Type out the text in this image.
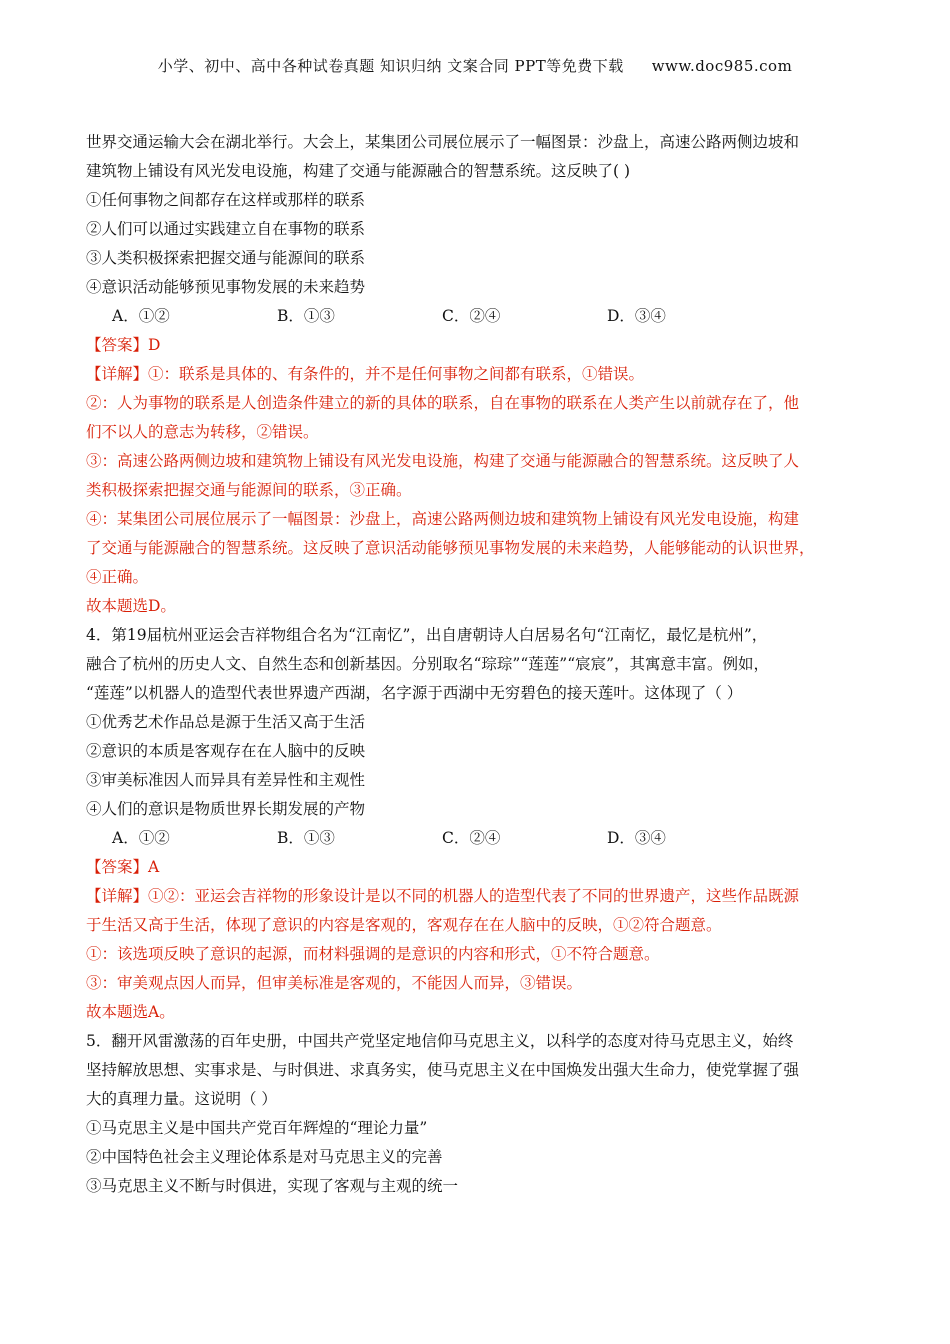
小学、初中、高中各种试卷真题 知识归纳 文案合同 PPT等免费下载 www.doc985.com
世界交通运输大会在湖北举行。大会上，某集团公司展位展示了一幅图景：沙盘上，高速公路两侧边坡和
建筑物上铺设有风光发电设施，构建了交通与能源融合的智慧系统。这反映了( )
①任何事物之间都存在这样或那样的联系
②人们可以通过实践建立自在事物的联系
③人类积极探索把握交通与能源间的联系
④意识活动能够预见事物发展的未来趋势
A．①②	B．①③	C．②④	D．③④
【答案】D
【详解】①：联系是具体的、有条件的，并不是任何事物之间都有联系，①错误。
②：人为事物的联系是人创造条件建立的新的具体的联系，自在事物的联系在人类产生以前就存在了，他
们不以人的意志为转移，②错误。
③：高速公路两侧边坡和建筑物上铺设有风光发电设施，构建了交通与能源融合的智慧系统。这反映了人
类积极探索把握交通与能源间的联系，③正确。
④：某集团公司展位展示了一幅图景：沙盘上，高速公路两侧边坡和建筑物上铺设有风光发电设施，构建
了交通与能源融合的智慧系统。这反映了意识活动能够预见事物发展的未来趋势，人能够能动的认识世界，
④正确。
故本题选D。
4．第19届杭州亚运会吉祥物组合名为“江南忆”，出自唐朝诗人白居易名句“江南忆，最忆是杭州”，
融合了杭州的历史人文、自然生态和创新基因。分别取名“琮琮”“莲莲”“宸宸”，其寓意丰富。例如，
“莲莲”以机器人的造型代表世界遗产西湖，名字源于西湖中无穷碧色的接天莲叶。这体现了（ ）
①优秀艺术作品总是源于生活又高于生活
②意识的本质是客观存在在人脑中的反映
③审美标准因人而异具有差异性和主观性
④人们的意识是物质世界长期发展的产物
A．①②	B．①③	C．②④	D．③④
【答案】A
【详解】①②：亚运会吉祥物的形象设计是以不同的机器人的造型代表了不同的世界遗产，这些作品既源
于生活又高于生活，体现了意识的内容是客观的，客观存在在人脑中的反映，①②符合题意。
①：该选项反映了意识的起源，而材料强调的是意识的内容和形式，①不符合题意。
③：审美观点因人而异，但审美标准是客观的，不能因人而异，③错误。
故本题选A。
5．翻开风雷激荡的百年史册，中国共产党坚定地信仰马克思主义，以科学的态度对待马克思主义，始终
坚持解放思想、实事求是、与时俱进、求真务实，使马克思主义在中国焕发出强大生命力，使党掌握了强
大的真理力量。这说明（ ）
①马克思主义是中国共产党百年辉煌的“理论力量”
②中国特色社会主义理论体系是对马克思主义的完善
③马克思主义不断与时俱进，实现了客观与主观的统一
